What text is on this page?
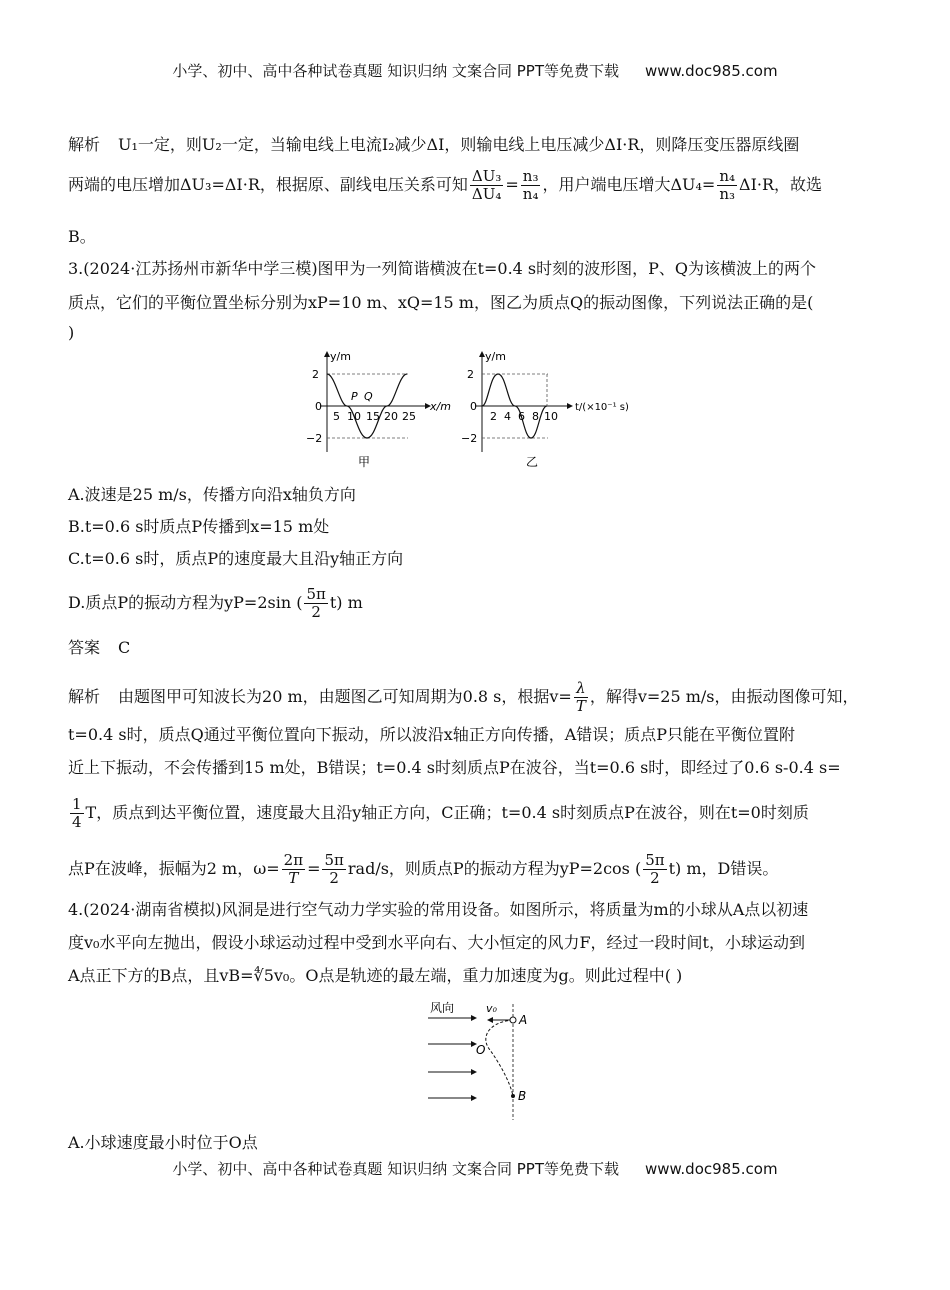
小学、初中、高中各种试卷真题 知识归纳 文案合同 PPT等免费下载 www.doc985.com
解析 U₁一定，则U₂一定，当输电线上电流I₂减少ΔI，则输电线上电压减少ΔI·R，则降压变压器原线圈
两端的电压增加ΔU₃=ΔI·R，根据原、副线电压关系可知 $\frac{\text{ΔU₃}}{\text{ΔU₄}} = \frac{\text{n₃}}{\text{n₄}}$ ，用户端电压增大$\Delta U_4= \frac{\text{n₄}}{\text{n₃}} \Delta I\cdot R$，故选
B。
3.(2024·江苏扬州市新华中学三模)图甲为一列简谐横波在t=0.4 s时刻的波形图，P、Q为该横波上的两个
质点，它们的平衡位置坐标分别为xP=10 m、xQ=15 m，图乙为质点Q的振动图像，下列说法正确的是(
)
y/m
2
0
−2
5 10 15 20 25
x/m
P Q
甲
y/m
2
0
−2
2 4 6 8 10
t/(×10⁻¹ s)
乙
A.波速是25 m/s，传播方向沿x轴负方向
B.t=0.6 s时质点P传播到x=15 m处
C.t=0.6 s时，质点P的速度最大且沿y轴正方向
D.质点P的振动方程为yP=2sin ( $\frac{5\pi}{2} t$) m
答案 C
解析 由题图甲可知波长为20 m，由题图乙可知周期为0.8 s，根据$v= \frac{\lambda}{T}$ ，解得v=25 m/s，由振动图像可知，
t=0.4 s时，质点Q通过平衡位置向下振动，所以波沿x轴正方向传播，A错误；质点P只能在平衡位置附
近上下振动，不会传播到15 m处，B错误；t=0.4 s时刻质点P在波谷，当t=0.6 s时，即经过了0.6 s-0.4 s=
$\frac{1}{4}$ T，质点到达平衡位置，速度最大且沿y轴正方向，C正确；t=0.4 s时刻质点P在波谷，则在t=0时刻质
点P在波峰，振幅为2 m，$\omega= \frac{2\pi}{T} = \frac{5\pi}{2} rad/s$，则质点P的振动方程为yP=2cos ( $\frac{5\pi}{2} t$) m，D错误。
4.(2024·湖南省模拟)风洞是进行空气动力学实验的常用设备。如图所示，将质量为m的小球从A点以初速
度v₀水平向左抛出，假设小球运动过程中受到水平向右、大小恒定的风力F，经过一段时间t，小球运动到
A点正下方的B点，且vB=∜5v₀。O点是轨迹的最左端，重力加速度为g。则此过程中( )
风向	v₀
A
O
B
A.小球速度最小时位于O点
小学、初中、高中各种试卷真题 知识归纳 文案合同 PPT等免费下载 www.doc985.com
